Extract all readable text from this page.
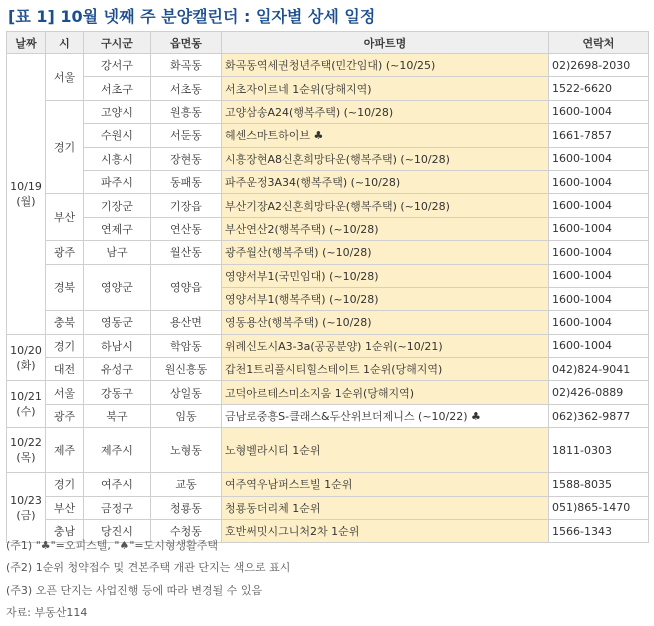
[표 1] 10월 넷째 주 분양캘린더 : 일자별 상세 일정
날짜	시	구시군	읍면동	아파트명	연락처
10/19
(월)	서울	강서구	화곡동	화곡동역세권청년주택(민간임대) (~10/25)	02)2698-2030
		서초구	서초동	서초자이르네 1순위(당해지역)	1522-6620
	경기	고양시	원흥동	고양삼송A24(행복주택) (~10/28)	1600-1004
		수원시	서둔동	헤센스마트하이브 ♣	1661-7857
		시흥시	장현동	시흥장현A8신혼희망타운(행복주택) (~10/28)	1600-1004
		파주시	동패동	파주운정3A34(행복주택) (~10/28)	1600-1004
	부산	기장군	기장읍	부산기장A2신혼희망타운(행복주택) (~10/28)	1600-1004
		연제구	연산동	부산연산2(행복주택) (~10/28)	1600-1004
	광주	남구	월산동	광주월산(행복주택) (~10/28)	1600-1004
	경북	영양군	영양읍	영양서부1(국민임대) (~10/28)	1600-1004
				영양서부1(행복주택) (~10/28)	1600-1004
	충북	영동군	용산면	영동용산(행복주택) (~10/28)	1600-1004
10/20
(화)	경기	하남시	학암동	위례신도시A3-3a(공공분양) 1순위(~10/21)	1600-1004
	대전	유성구	원신흥동	갑천1트리풀시티힐스테이트 1순위(당해지역)	042)824-9041
10/21
(수)	서울	강동구	상일동	고덕아르테스미소지움 1순위(당해지역)	02)426-0889
	광주	북구	임동	금남로중흥S-클래스&두산위브더제니스 (~10/22) ♣	062)362-9877
10/22
(목)	제주	제주시	노형동	노형벨라시티 1순위	1811-0303
10/23
(금)	경기	여주시	교동	여주역우남퍼스트빌 1순위	1588-8035
	부산	금정구	청룡동	청룡동더리체 1순위	051)865-1470
	충남	당진시	수청동	호반써밋시그니처2차 1순위	1566-1343
(주1) "♣"=오피스텔, "♠"=도시형생활주택
(주2) 1순위 청약접수 및 견본주택 개관 단지는 색으로 표시
(주3) 오픈 단지는 사업진행 등에 따라 변경될 수 있음
자료: 부동산114
